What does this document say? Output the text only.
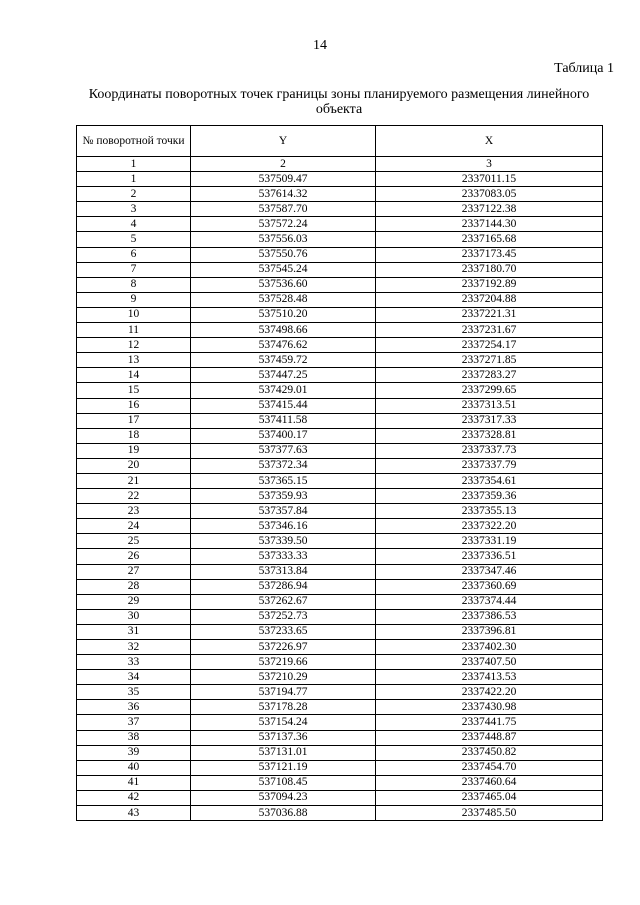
14
Таблица 1
Координаты поворотных точек границы зоны планируемого размещения линейного объекта
№ поворотной точки	Y	X
1	2	3
1	537509.47	2337011.15
2	537614.32	2337083.05
3	537587.70	2337122.38
4	537572.24	2337144.30
5	537556.03	2337165.68
6	537550.76	2337173.45
7	537545.24	2337180.70
8	537536.60	2337192.89
9	537528.48	2337204.88
10	537510.20	2337221.31
11	537498.66	2337231.67
12	537476.62	2337254.17
13	537459.72	2337271.85
14	537447.25	2337283.27
15	537429.01	2337299.65
16	537415.44	2337313.51
17	537411.58	2337317.33
18	537400.17	2337328.81
19	537377.63	2337337.73
20	537372.34	2337337.79
21	537365.15	2337354.61
22	537359.93	2337359.36
23	537357.84	2337355.13
24	537346.16	2337322.20
25	537339.50	2337331.19
26	537333.33	2337336.51
27	537313.84	2337347.46
28	537286.94	2337360.69
29	537262.67	2337374.44
30	537252.73	2337386.53
31	537233.65	2337396.81
32	537226.97	2337402.30
33	537219.66	2337407.50
34	537210.29	2337413.53
35	537194.77	2337422.20
36	537178.28	2337430.98
37	537154.24	2337441.75
38	537137.36	2337448.87
39	537131.01	2337450.82
40	537121.19	2337454.70
41	537108.45	2337460.64
42	537094.23	2337465.04
43	537036.88	2337485.50
